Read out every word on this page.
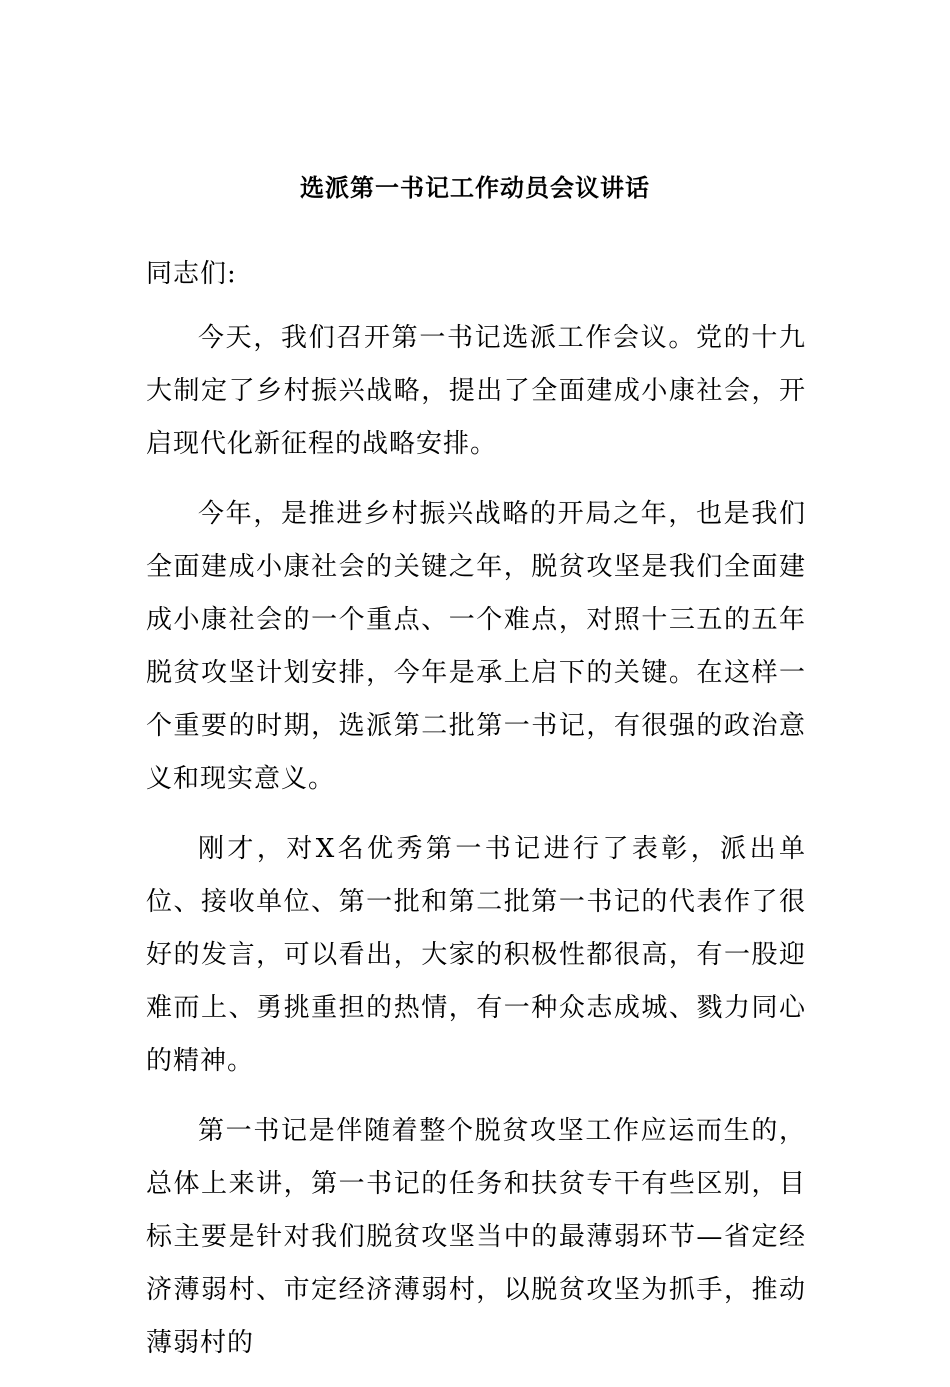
选派第一书记工作动员会议讲话

同志们:

今天，我们召开第一书记选派工作会议。党的十九大制定了乡村振兴战略，提出了全面建成小康社会，开启现代化新征程的战略安排。

今年，是推进乡村振兴战略的开局之年，也是我们全面建成小康社会的关键之年，脱贫攻坚是我们全面建成小康社会的一个重点、一个难点，对照十三五的五年脱贫攻坚计划安排，今年是承上启下的关键。在这样一个重要的时期，选派第二批第一书记，有很强的政治意义和现实意义。

刚才，对X名优秀第一书记进行了表彰，派出单位、接收单位、第一批和第二批第一书记的代表作了很好的发言，可以看出，大家的积极性都很高，有一股迎难而上、勇挑重担的热情，有一种众志成城、戮力同心的精神。

第一书记是伴随着整个脱贫攻坚工作应运而生的，总体上来讲，第一书记的任务和扶贫专干有些区别，目标主要是针对我们脱贫攻坚当中的最薄弱环节—省定经济薄弱村、市定经济薄弱村，以脱贫攻坚为抓手，推动薄弱村的
